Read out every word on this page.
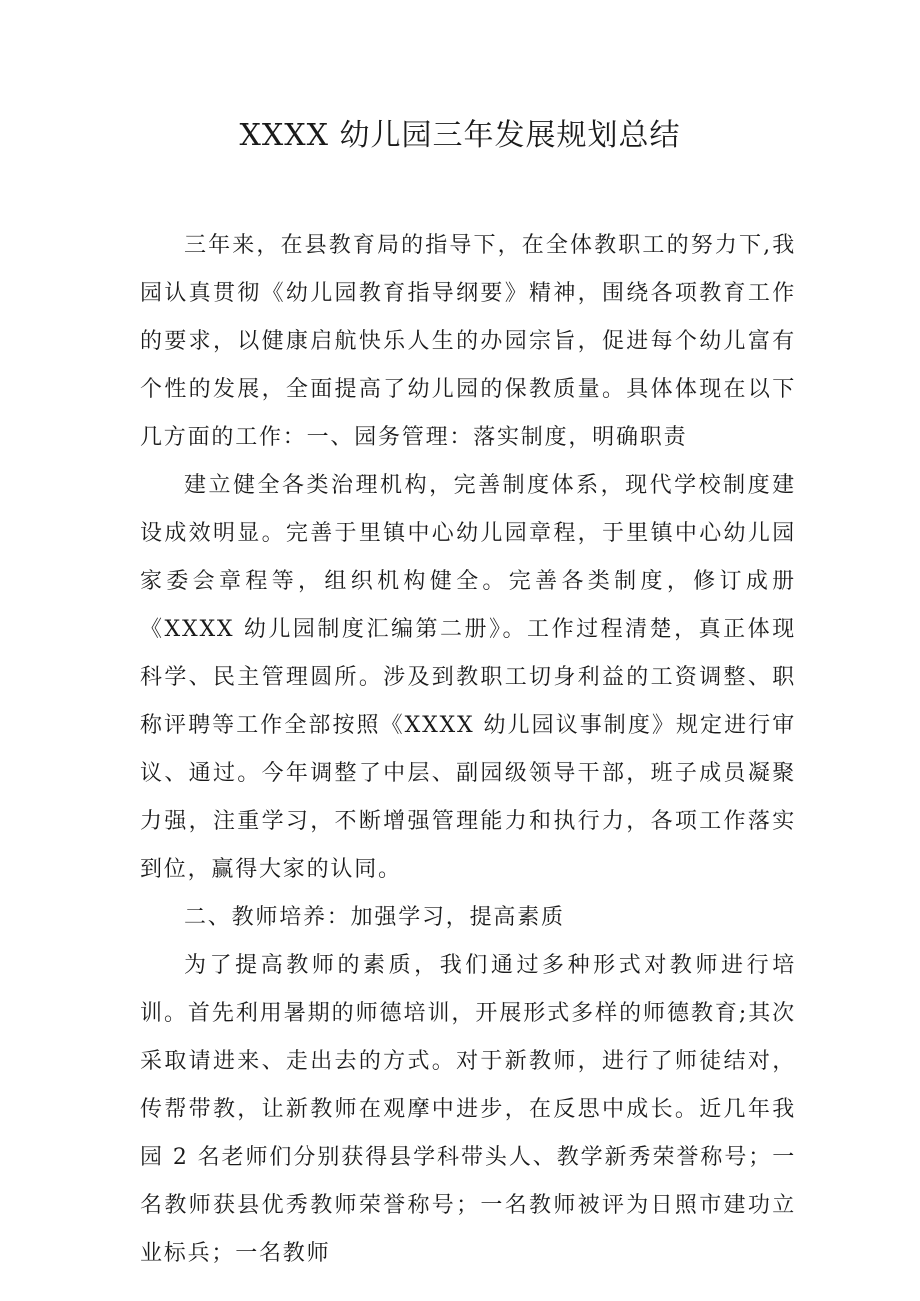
XXXX 幼儿园三年发展规划总结

三年来，在县教育局的指导下，在全体教职工的努力下,我园认真贯彻《幼儿园教育指导纲要》精神，围绕各项教育工作的要求，以健康启航快乐人生的办园宗旨，促进每个幼儿富有个性的发展，全面提高了幼儿园的保教质量。具体体现在以下几方面的工作：一、园务管理：落实制度，明确职责

建立健全各类治理机构，完善制度体系，现代学校制度建设成效明显。完善于里镇中心幼儿园章程，于里镇中心幼儿园家委会章程等，组织机构健全。完善各类制度，修订成册《XXXX 幼儿园制度汇编第二册》。工作过程清楚，真正体现科学、民主管理圆所。涉及到教职工切身利益的工资调整、职称评聘等工作全部按照《XXXX 幼儿园议事制度》规定进行审议、通过。今年调整了中层、副园级领导干部，班子成员凝聚力强，注重学习，不断增强管理能力和执行力，各项工作落实到位，赢得大家的认同。

二、教师培养：加强学习，提高素质

为了提高教师的素质，我们通过多种形式对教师进行培训。首先利用暑期的师德培训，开展形式多样的师德教育;其次采取请进来、走出去的方式。对于新教师，进行了师徒结对，传帮带教，让新教师在观摩中进步，在反思中成长。近几年我园 2 名老师们分别获得县学科带头人、教学新秀荣誉称号；一名教师获县优秀教师荣誉称号；一名教师被评为日照市建功立业标兵；一名教师
